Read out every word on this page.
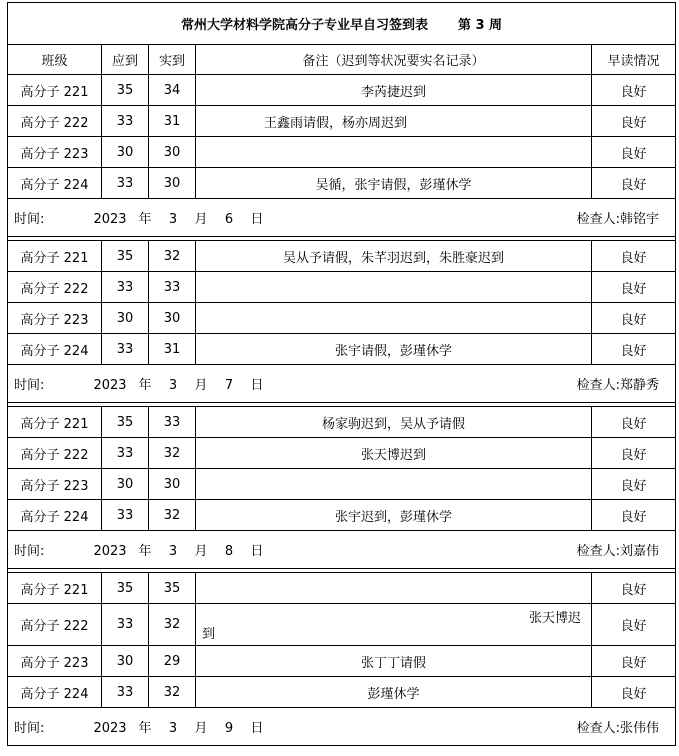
常州大学材料学院高分子专业早自习签到表 第 3 周				
班级	应到	实到	备注（迟到等状况要实名记录）	早读情况
高分子 221	35	34	李芮捷迟到	良好
高分子 222	33	31	王鑫雨请假，杨亦周迟到	良好
高分子 223	30	30		良好
高分子 224	33	30	吴循，张宇请假，彭瑾休学	良好

时间: 2023 年 3 月 6 日 检查人:韩铭宇				

高分子 221	35	32	吴从予请假，朱芊羽迟到，朱胜豪迟到	良好
高分子 222	33	33		良好
高分子 223	30	30		良好
高分子 224	33	31	张宇请假，彭瑾休学	良好

时间: 2023 年 3 月 7 日 检查人:郑静秀				

高分子 221	35	33	杨家驹迟到，吴从予请假	良好
高分子 222	33	32	张天博迟到	良好
高分子 223	30	30		良好
高分子 224	33	32	张宇迟到，彭瑾休学	良好

时间: 2023 年 3 月 8 日 检查人:刘嘉伟				

高分子 221	35	35		良好
高分子 222	33	32	张天博迟
到	良好
高分子 223	30	29	张丁丁请假	良好
高分子 224	33	32	彭瑾休学	良好

时间: 2023 年 3 月 9 日 检查人:张伟伟				
